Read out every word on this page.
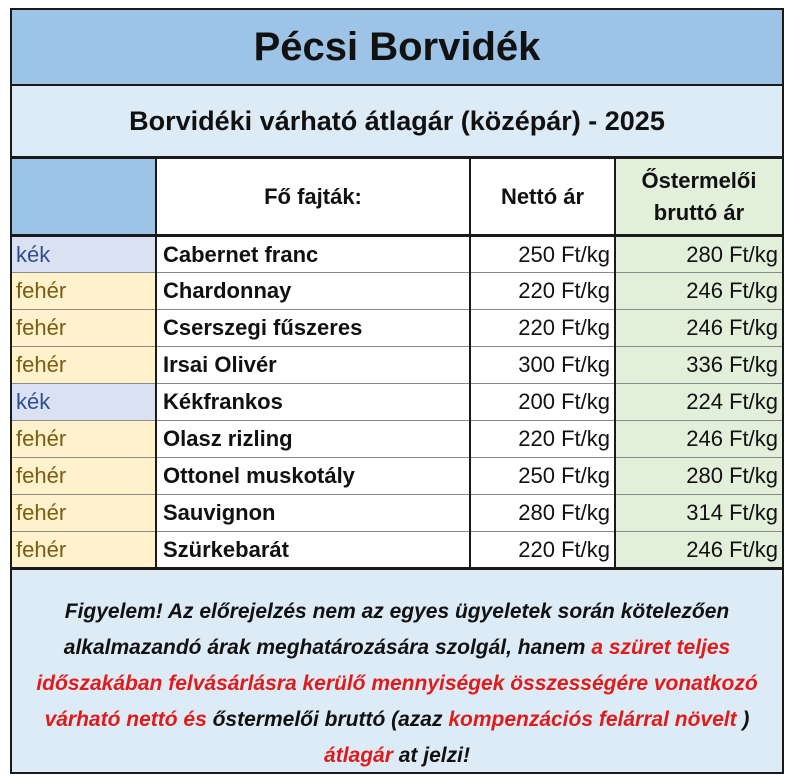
Pécsi Borvidék
Borvidéki várható átlagár (középár) - 2025
	Fő fajták:	Nettó ár	Őstermelői
bruttó ár
kék	Cabernet franc	250 Ft/kg	280 Ft/kg
fehér	Chardonnay	220 Ft/kg	246 Ft/kg
fehér	Cserszegi fűszeres	220 Ft/kg	246 Ft/kg
fehér	Irsai Olivér	300 Ft/kg	336 Ft/kg
kék	Kékfrankos	200 Ft/kg	224 Ft/kg
fehér	Olasz rizling	220 Ft/kg	246 Ft/kg
fehér	Ottonel muskotály	250 Ft/kg	280 Ft/kg
fehér	Sauvignon	280 Ft/kg	314 Ft/kg
fehér	Szürkebarát	220 Ft/kg	246 Ft/kg
Figyelem! Az előrejelzés nem az egyes ügyeletek során kötelezően alkalmazandó árak meghatározására szolgál, hanem a szüret teljes időszakában felvásárlásra kerülő mennyiségek összességére vonatkozó várható nettó és őstermelői bruttó (azaz kompenzációs felárral növelt ) átlagár at jelzi!
